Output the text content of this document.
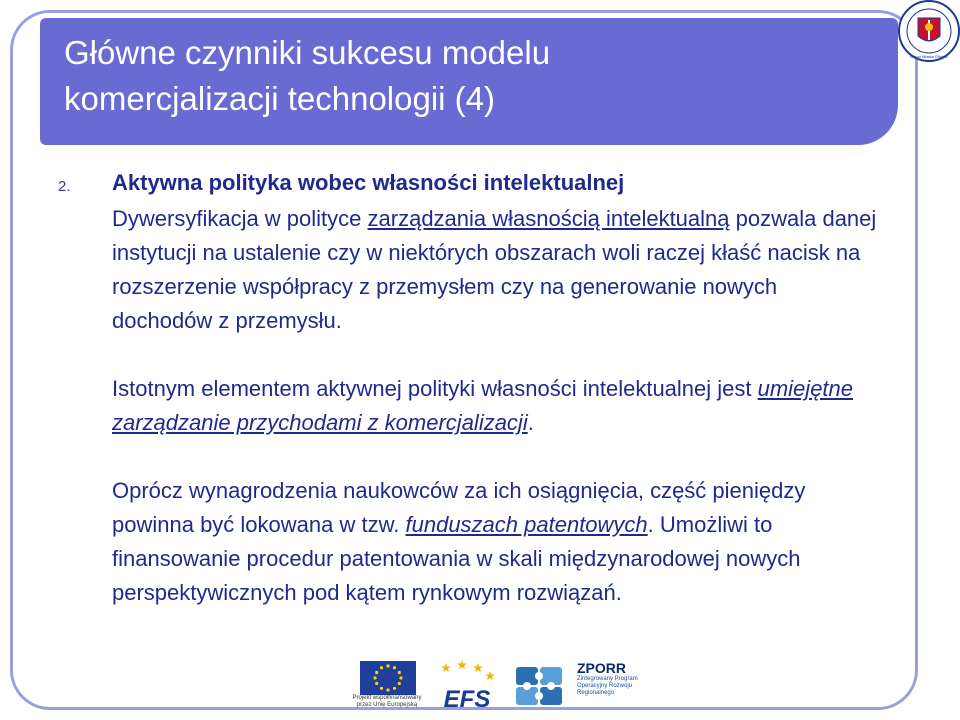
Główne czynniki sukcesu modelu
komercjalizacji technologii (4)
Urząd Miasta Gliwice
2. Aktywna polityka wobec własności intelektualnej

Dywersyfikacja w polityce zarządzania własnością intelektualną pozwala danej instytucji na ustalenie czy w niektórych obszarach woli raczej kłaść nacisk na rozszerzenie współpracy z przemysłem czy na generowanie nowych dochodów z przemysłu.

Istotnym elementem aktywnej polityki własności intelektualnej jest umiejętne zarządzanie przychodami z komercjalizacji.

Oprócz wynagrodzenia naukowców za ich osiągnięcia, część pieniędzy powinna być lokowana w tzw. funduszach patentowych. Umożliwi to finansowanie procedur patentowania w skali międzynarodowej nowych perspektywicznych pod kątem rynkowym rozwiązań.

Projekt współfinansowany przez Unię Europejską EFS
ZPORR
Zintegrowany Program Operacyjny Rozwoju Regionalnego
